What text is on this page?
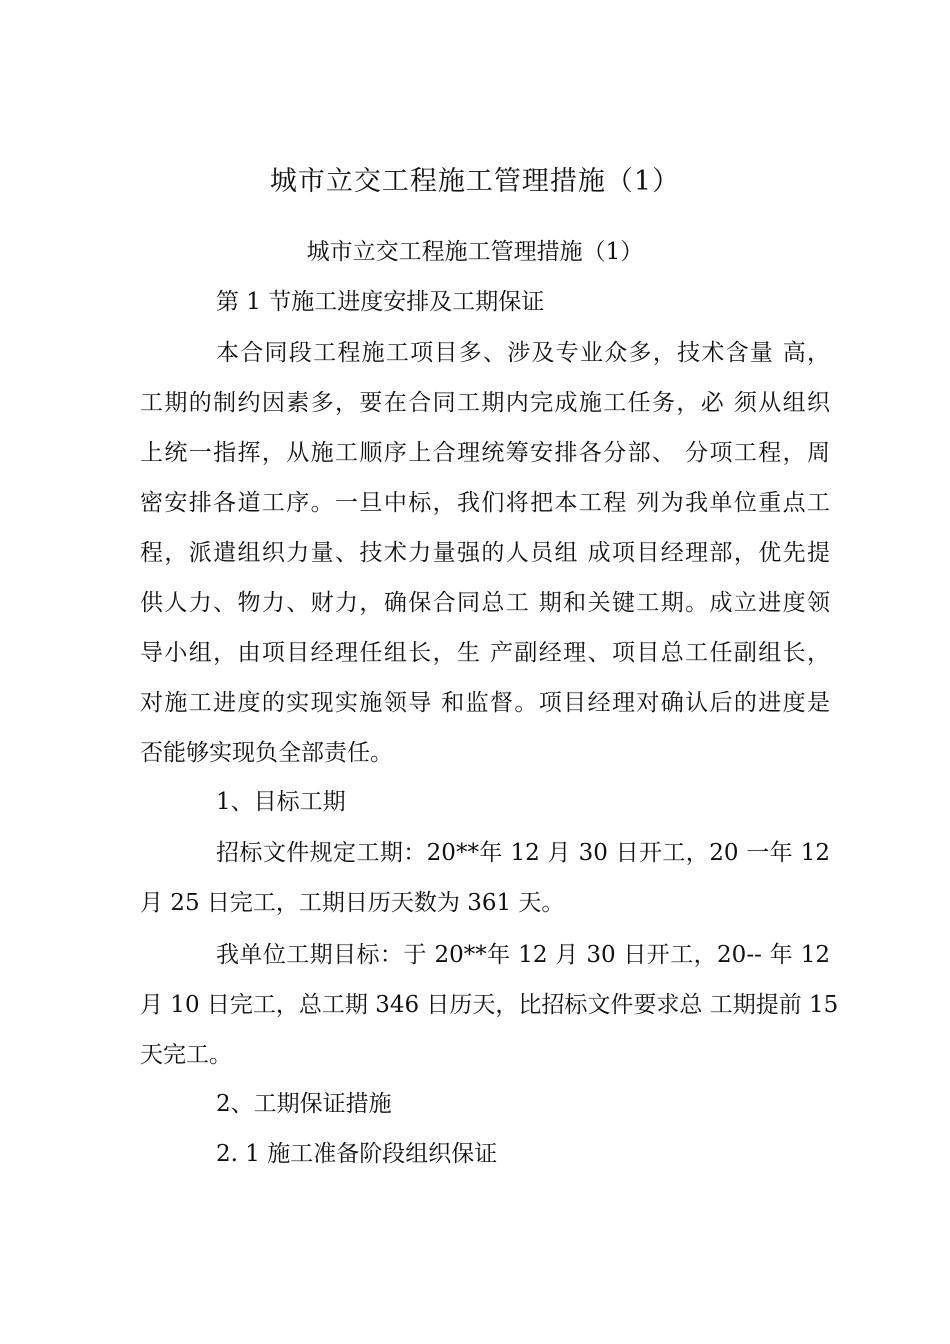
城市立交工程施工管理措施（1）
城市立交工程施工管理措施（1）
第 1 节施工进度安排及工期保证
本合同段工程施工项目多、涉及专业众多，技术含量 高，
工期的制约因素多，要在合同工期内完成施工任务，必 须从组织
上统一指挥，从施工顺序上合理统筹安排各分部、 分项工程，周
密安排各道工序。一旦中标，我们将把本工程 列为我单位重点工
程，派遣组织力量、技术力量强的人员组 成项目经理部，优先提
供人力、物力、财力，确保合同总工 期和关键工期。成立进度领
导小组，由项目经理任组长，生 产副经理、项目总工任副组长，
对施工进度的实现实施领导 和监督。项目经理对确认后的进度是
否能够实现负全部责任。
1、目标工期
招标文件规定工期：20**年 12 月 30 日开工，20 一年 12
月 25 日完工，工期日历天数为 361 天。
我单位工期目标：于 20**年 12 月 30 日开工，20-- 年 12
月 10 日完工，总工期 346 日历天，比招标文件要求总 工期提前 15
天完工。
2、工期保证措施
2. 1 施工准备阶段组织保证
